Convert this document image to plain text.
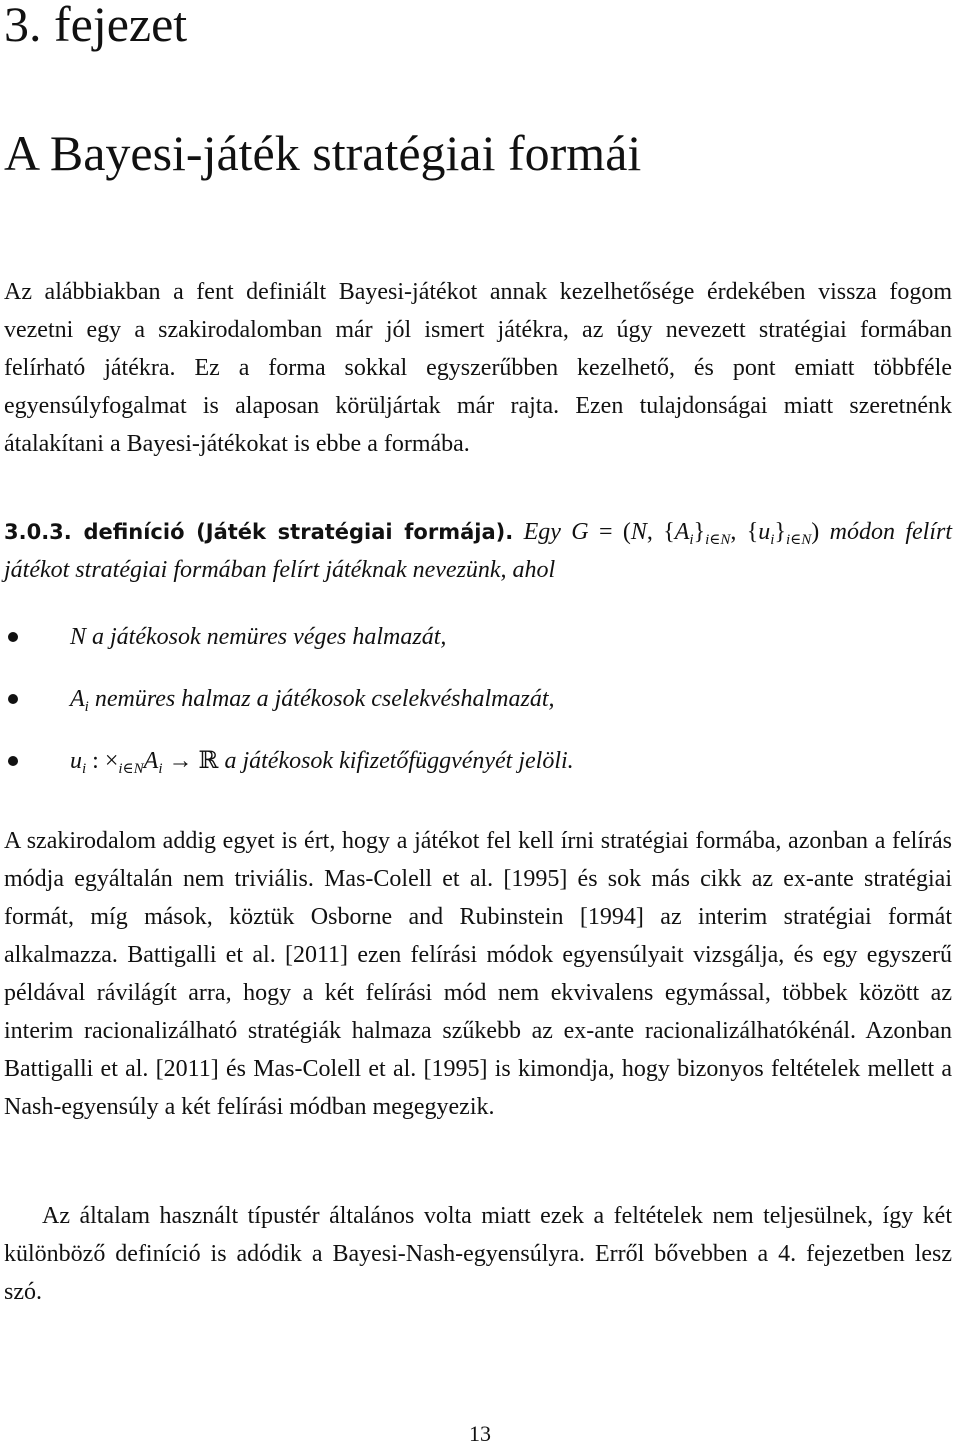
3. fejezet
A Bayesi-játék stratégiai formái

Az alábbiakban a fent definiált Bayesi-játékot annak kezelhetősége érdekében vissza fogom vezetni egy a szakirodalomban már jól ismert játékra, az úgy nevezett stratégiai formában felírható játékra. Ez a forma sokkal egyszerűbben kezelhető, és pont emiatt többféle egyensúlyfogalmat is alaposan körüljártak már rajta. Ezen tulajdonságai miatt szeretnénk átalakítani a Bayesi-játékokat is ebbe a formába.

3.0.3. definíció (Játék stratégiai formája). Egy G = (N, $\{A_i\}_{i\in N}$, $\{u_i\}_{i\in N}$) módon felírt játékot stratégiai formában felírt játéknak nevezünk, ahol

N a játékosok nemüres véges halmazát,
$A_i$ nemüres halmaz a játékosok cselekvéshalmazát,
$u_i$ : $\times_{i\in N}A_i$ → ℝ a játékosok kifizetőfüggvényét jelöli.

A szakirodalom addig egyet is ért, hogy a játékot fel kell írni stratégiai formába, azonban a felírás módja egyáltalán nem triviális. Mas-Colell et al. [1995] és sok más cikk az ex-ante stratégiai formát, míg mások, köztük Osborne and Rubinstein [1994] az interim stratégiai formát alkalmazza. Battigalli et al. [2011] ezen felírási módok egyensúlyait vizsgálja, és egy egyszerű példával rávilágít arra, hogy a két felírási mód nem ekvivalens egymással, többek között az interim racionalizálható stratégiák halmaza szűkebb az ex-ante racionalizálhatókénál. Azonban Battigalli et al. [2011] és Mas-Colell et al. [1995] is kimondja, hogy bizonyos feltételek mellett a Nash-egyensúly a két felírási módban megegyezik.

Az általam használt típustér általános volta miatt ezek a feltételek nem teljesülnek, így két különböző definíció is adódik a Bayesi-Nash-egyensúlyra. Erről bővebben a 4. fejezetben lesz szó.

13
